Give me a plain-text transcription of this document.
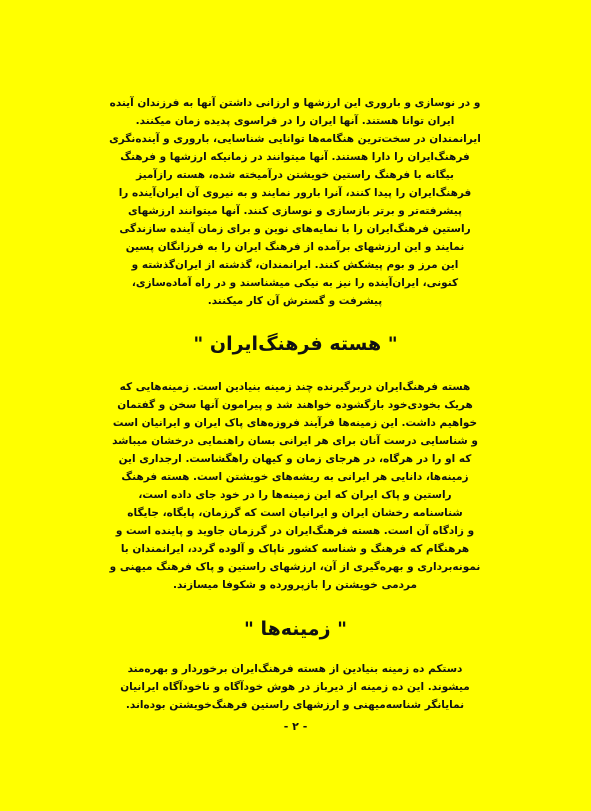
و در نوسازی و باروری این ارزشها و ارزانی داشتن آنها به فرزندان آینده
ایران توانا هستند. آنها ایران را در فراسوی پدیده زمان میکنند.
ایرانمندان در سخت‌ترین هنگامه‌ها توانایی شناسایی، باروری و آینده‌نگری
فرهنگ‌ایران را دارا هستند. آنها میتوانند در زمانیکه ارزشها و فرهنگ
بیگانه با فرهنگ راستین خویشتن درآمیخته شده، هسته رازآمیز
فرهنگ‌ایران را پیدا کنند، آنرا بارور نمایند و به نیروی آن ایران‌آینده را
پیشرفته‌تر و برتر بازسازی و نوسازی کنند. آنها میتوانند ارزشهای
راستین فرهنگ‌ایران را با نمایه‌های نوین و برای زمان آینده سازندگی
نمایند و این ارزشهای برآمده از فرهنگ ایران را به فرزانگان پسین
این مرز و بوم پیشکش کنند. ایرانمندان، گذشته از ایران‌گذشته و
کنونی، ایران‌آینده را نیز به نیکی میشناسند و در راه آماده‌سازی،
پیشرفت و گسترش آن کار میکنند.
" هسته فرهنگ‌ایران "
هسته فرهنگ‌ایران دربرگیرنده چند زمینه بنیادین است. زمینه‌هایی که
هریک بخودی‌خود بازگشوده خواهند شد و پیرامون آنها سخن و گفتمان
خواهیم داشت. این زمینه‌ها فرآیند فروزه‌های پاک ایران و ایرانیان است
و شناسایی درست آنان برای هر ایرانی بسان راهنمایی درخشان میباشد
که او را در هرگاه، در هرجای زمان و کیهان راهگشاست. ارجداری این
زمینه‌ها، دانایی هر ایرانی به ریشه‌های خویشتن است. هسته فرهنگ
راستین و پاک ایران که این زمینه‌ها را در خود جای داده است،
شناسنامه رخشان ایران و ایرانیان است که گرزمان، پایگاه، جایگاه
و زادگاه آن است. هسته فرهنگ‌ایران در گرزمان جاوید و پاینده است و
هرهنگام که فرهنگ و شناسه کشور ناپاک و آلوده گردد، ایرانمندان با
نمونه‌برداری و بهره‌گیری از آن، ارزشهای راستین و پاک فرهنگ میهنی و
مردمی خویشتن را بازپرورده و شکوفا میسازند.
" زمینه‌ها "
دستکم ده زمینه بنیادین از هسته فرهنگ‌ایران برخوردار و بهره‌مند
میشوند. این ده زمینه از دیرباز در هوش خودآگاه و ناخودآگاه ایرانیان
نمایانگر شناسه‌میهنی و ارزشهای راستین فرهنگ‌خویشتن بوده‌اند.
- ٢ -
